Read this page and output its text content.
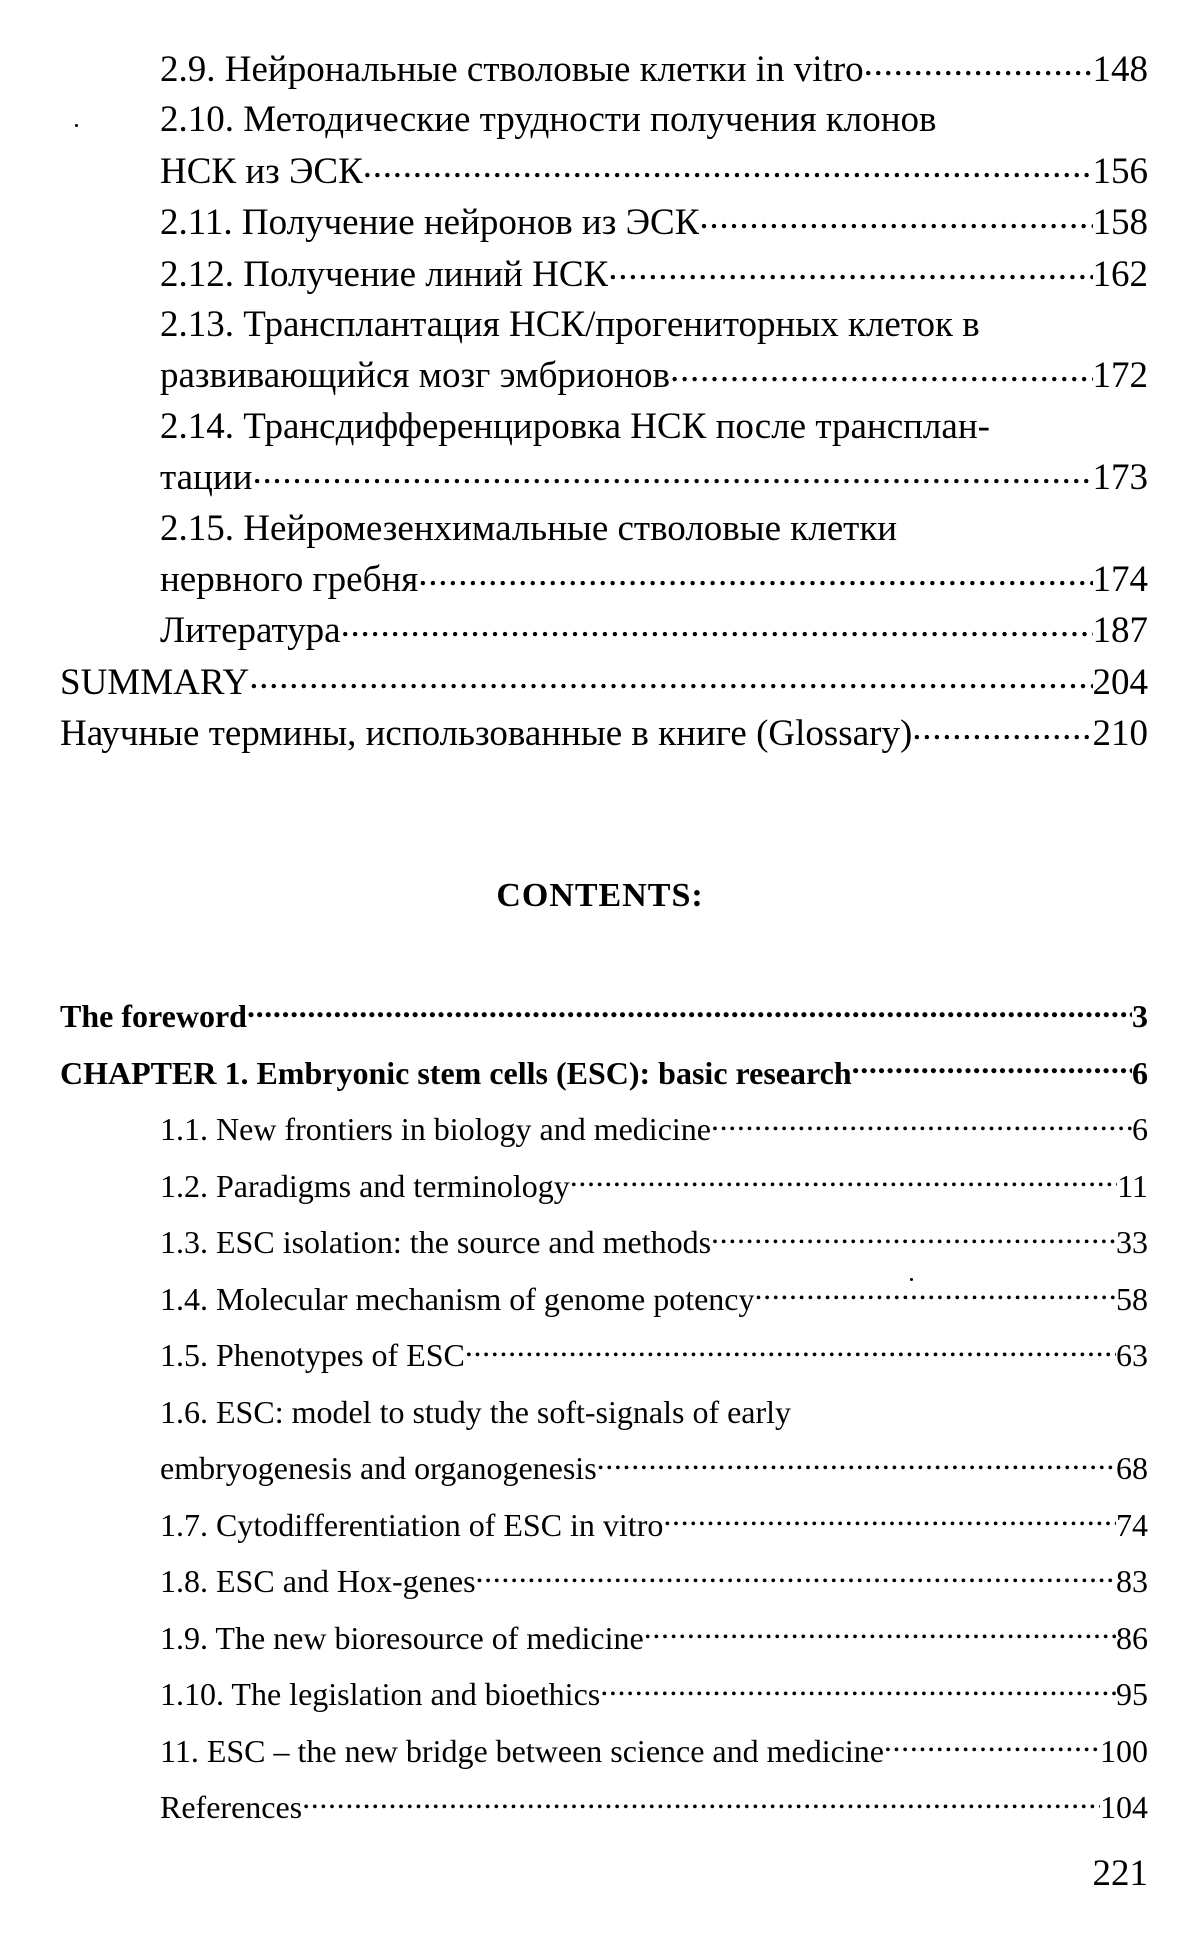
2.9. Нейрональные стволовые клетки in vitro .....	148
2.10. Методические трудности получения клонов
НСК из ЭСК .....	156
2.11. Получение нейронов из ЭСК .....	158
2.12. Получение линий НСК .....	162
2.13. Трансплантация НСК/прогениторных клеток в
развивающийся мозг эмбрионов .....	172
2.14. Трансдифференцировка НСК после трансплан-
тации .....	173
2.15. Нейромезенхимальные стволовые клетки
нервного гребня .....	174
Литература .....	187
SUMMARY .....	204
Научные термины, использованные в книге (Glossary) .....	210
CONTENTS:
The foreword .....	3
CHAPTER 1. Embryonic stem cells (ESC): basic research .....	6
1.1. New frontiers in biology and medicine .....	6
1.2. Paradigms and terminology .....	11
1.3. ESC isolation: the source and methods .....	33
1.4. Molecular mechanism of genome potency .....	58
1.5. Phenotypes of ESC .....	63
1.6. ESC: model to study the soft-signals of early
embryogenesis and organogenesis .....	68
1.7. Cytodifferentiation of ESC in vitro .....	74
1.8. ESC and Hox-genes .....	83
1.9. The new bioresource of medicine .....	86
1.10. The legislation and bioethics .....	95
11. ESC – the new bridge between science and medicine .....	100
References .....	104
221
